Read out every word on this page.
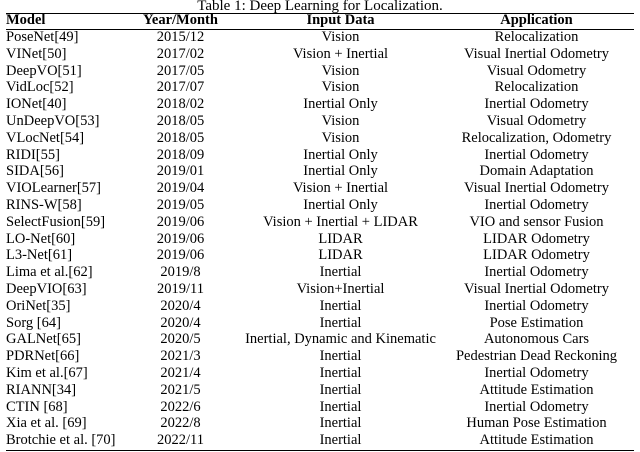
Table 1: Deep Learning for Localization.
Model	Year/Month	Input Data	Application
PoseNet[49]	2015/12	Vision	Relocalization
VINet[50]	2017/02	Vision + Inertial	Visual Inertial Odometry
DeepVO[51]	2017/05	Vision	Visual Odometry
VidLoc[52]	2017/07	Vision	Relocalization
IONet[40]	2018/02	Inertial Only	Inertial Odometry
UnDeepVO[53]	2018/05	Vision	Visual Odometry
VLocNet[54]	2018/05	Vision	Relocalization, Odometry
RIDI[55]	2018/09	Inertial Only	Inertial Odometry
SIDA[56]	2019/01	Inertial Only	Domain Adaptation
VIOLearner[57]	2019/04	Vision + Inertial	Visual Inertial Odometry
RINS-W[58]	2019/05	Inertial Only	Inertial Odometry
SelectFusion[59]	2019/06	Vision + Inertial + LIDAR	VIO and sensor Fusion
LO-Net[60]	2019/06	LIDAR	LIDAR Odometry
L3-Net[61]	2019/06	LIDAR	LIDAR Odometry
Lima et al.[62]	2019/8	Inertial	Inertial Odometry
DeepVIO[63]	2019/11	Vision+Inertial	Visual Inertial Odometry
OriNet[35]	2020/4	Inertial	Inertial Odometry
Sorg [64]	2020/4	Inertial	Pose Estimation
GALNet[65]	2020/5	Inertial, Dynamic and Kinematic	Autonomous Cars
PDRNet[66]	2021/3	Inertial	Pedestrian Dead Reckoning
Kim et al.[67]	2021/4	Inertial	Inertial Odometry
RIANN[34]	2021/5	Inertial	Attitude Estimation
CTIN [68]	2022/6	Inertial	Inertial Odometry
Xia et al. [69]	2022/8	Inertial	Human Pose Estimation
Brotchie et al. [70]	2022/11	Inertial	Attitude Estimation
